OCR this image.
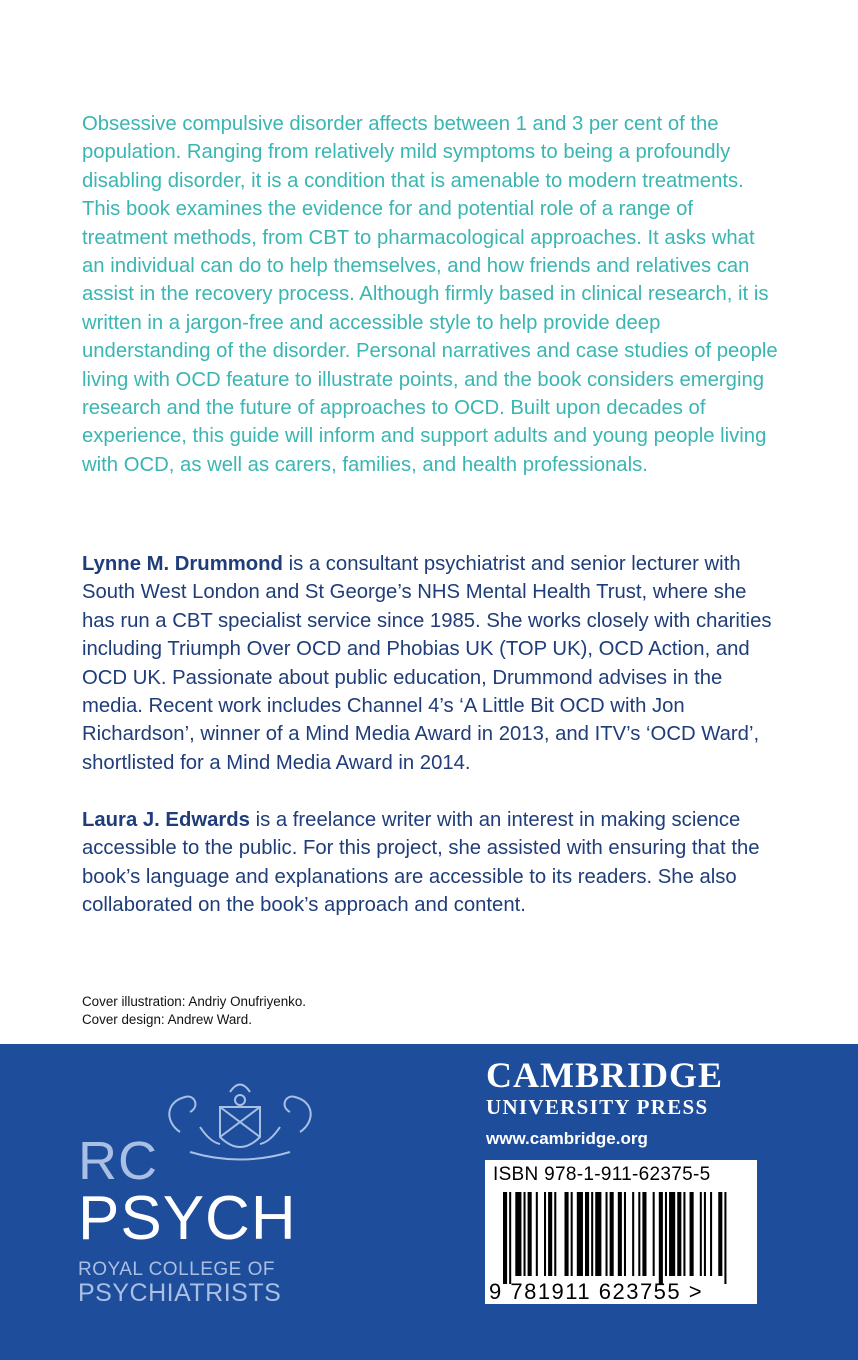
Obsessive compulsive disorder affects between 1 and 3 per cent of the population. Ranging from relatively mild symptoms to being a profoundly disabling disorder, it is a condition that is amenable to modern treatments. This book examines the evidence for and potential role of a range of treatment methods, from CBT to pharmacological approaches. It asks what an individual can do to help themselves, and how friends and relatives can assist in the recovery process. Although firmly based in clinical research, it is written in a jargon-free and accessible style to help provide deep understanding of the disorder. Personal narratives and case studies of people living with OCD feature to illustrate points, and the book considers emerging research and the future of approaches to OCD. Built upon decades of experience, this guide will inform and support adults and young people living with OCD, as well as carers, families, and health professionals.

Lynne M. Drummond is a consultant psychiatrist and senior lecturer with South West London and St George’s NHS Mental Health Trust, where she has run a CBT specialist service since 1985. She works closely with charities including Triumph Over OCD and Phobias UK (TOP UK), OCD Action, and OCD UK. Passionate about public education, Drummond advises in the media. Recent work includes Channel 4’s ‘A Little Bit OCD with Jon Richardson’, winner of a Mind Media Award in 2013, and ITV’s ‘OCD Ward’, shortlisted for a Mind Media Award in 2014.

Laura J. Edwards is a freelance writer with an interest in making science accessible to the public. For this project, she assisted with ensuring that the book’s language and explanations are accessible to its readers. She also collaborated on the book’s approach and content.

Cover illustration: Andriy Onufriyenko.
Cover design: Andrew Ward.
RC
PSYCH
ROYAL COLLEGE OF
PSYCHIATRISTS
CAMBRIDGE
UNIVERSITY PRESS
www.cambridge.org
ISBN 978-1-911-62375-5
9 781911 623755 >
